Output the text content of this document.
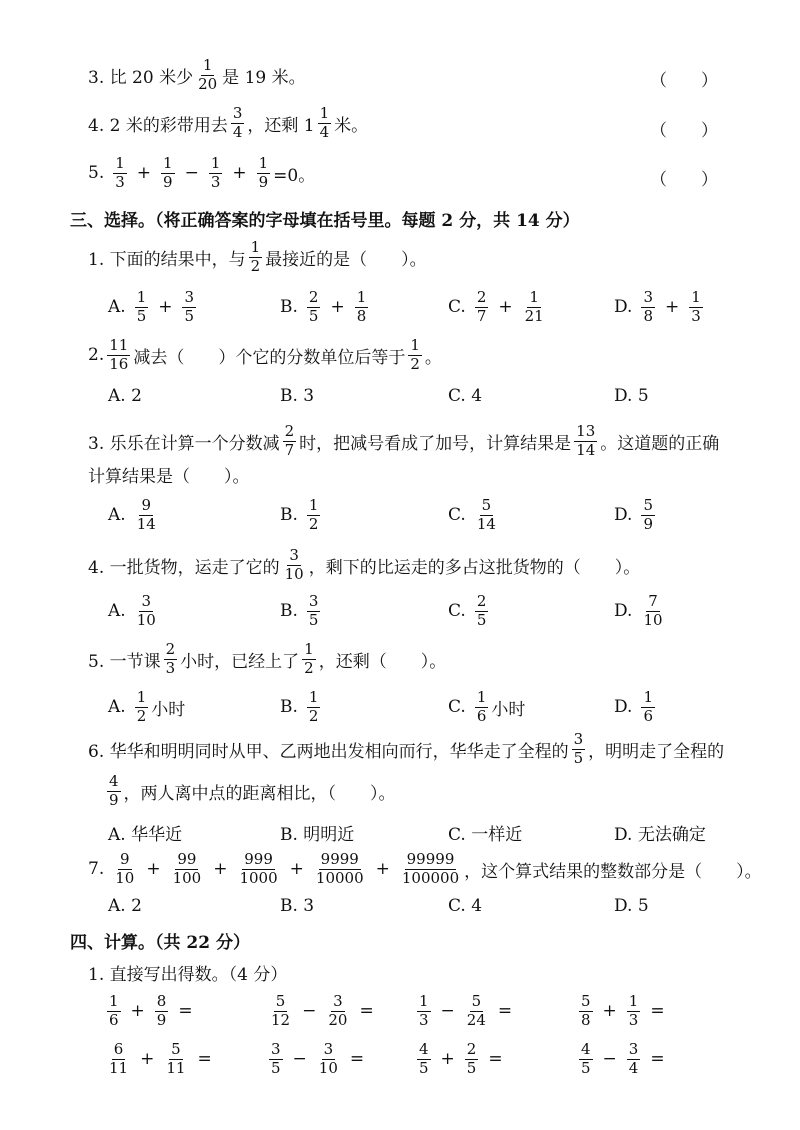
3. 比 20 米少 $\frac{1}{20}$ 是 19 米。	（　　）
4. 2 米的彩带用去 $\frac{3}{4}$ ，还剩 $1 \frac{1}{4}$ 米。	（　　）
5. $\frac{1}{3} + \frac{1}{9} - \frac{1}{3} + \frac{1}{9} =0$。	（　　）
三、选择。（将正确答案的字母填在括号里。每题 2 分，共 14 分）
1. 下面的结果中，与 $\frac{1}{2}$ 最接近的是（　　）。
A. $\frac{1}{5} + \frac{3}{5}$	B. $\frac{2}{5} + \frac{1}{8}$	C. $\frac{2}{7} + \frac{1}{21}$	D. $\frac{3}{8} + \frac{1}{3}$
2. $\frac{11}{16}$ 减去（　　）个它的分数单位后等于 $\frac{1}{2}$ 。
A. 2	B. 3	C. 4	D. 5
3. 乐乐在计算一个分数减 $\frac{2}{7}$ 时，把减号看成了加号，计算结果是 $\frac{13}{14}$ 。这道题的正确
计算结果是（　　）。
A. $\frac{9}{14}$	B. $\frac{1}{2}$	C. $\frac{5}{14}$	D. $\frac{5}{9}$
4. 一批货物，运走了它的 $\frac{3}{10}$ ，剩下的比运走的多占这批货物的（　　）。
A. $\frac{3}{10}$	B. $\frac{3}{5}$	C. $\frac{2}{5}$	D. $\frac{7}{10}$
5. 一节课 $\frac{2}{3}$ 小时，已经上了 $\frac{1}{2}$ ，还剩（　　）。
A. $\frac{1}{2}$ 小时	B. $\frac{1}{2}$	C. $\frac{1}{6}$ 小时	D. $\frac{1}{6}$
6. 华华和明明同时从甲、乙两地出发相向而行，华华走了全程的 $\frac{3}{5}$ ，明明走了全程的
$\frac{4}{9}$ ，两人离中点的距离相比，（　　）。
A. 华华近	B. 明明近	C. 一样近	D. 无法确定
7. $\frac{9}{10} + \frac{99}{100} + \frac{999}{1000} + \frac{9999}{10000} + \frac{99999}{100000}$ ，这个算式结果的整数部分是（　　）。
A. 2	B. 3	C. 4	D. 5
四、计算。（共 22 分）
1. 直接写出得数。（4 分）
$\frac{1}{6} + \frac{8}{9}$ =	$\frac{5}{12} - \frac{3}{20}$ =	$\frac{1}{3} - \frac{5}{24}$ =	$\frac{5}{8} + \frac{1}{3}$ =
$\frac{6}{11} + \frac{5}{11}$ =	$\frac{3}{5} - \frac{3}{10}$ =	$\frac{4}{5} + \frac{2}{5}$ =	$\frac{4}{5} - \frac{3}{4}$ =
